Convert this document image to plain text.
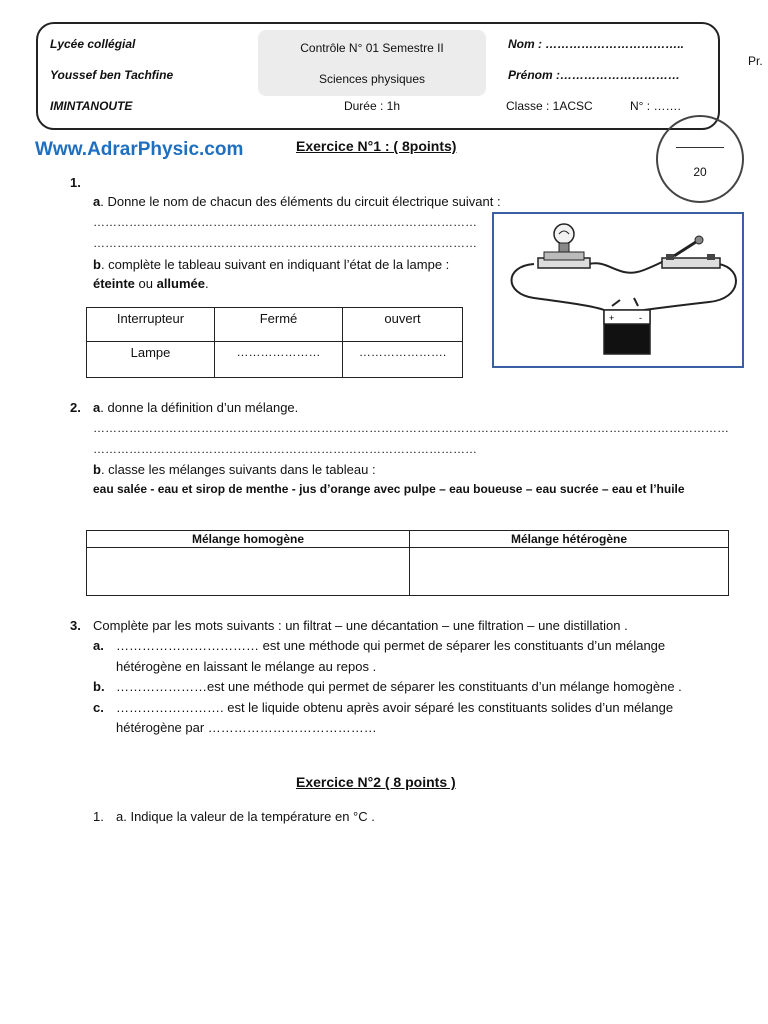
Lycée collégial
Youssef ben Tachfine
IMINTANOUTE
Contrôle N° 01 Semestre II
Sciences physiques
Durée : 1h
Nom : ……………………………..
Prénom :…………………………
Classe : 1ACSC	N° : …….
Pr.
Www.AdrarPhysic.com
20
Exercice N°1 : ( 8points)
1.
a. Donne le nom de chacun des éléments du circuit électrique suivant :
……………………………………………………………………………………
……………………………………………………………………………………
b. complète le tableau suivant en indiquant l’état de la lampe :
éteinte ou allumée.
Interrupteur	Fermé	ouvert
Lampe	…………………	………………….
+	-
2. a. donne la définition d’un mélange.
……………………………………………………………………………………………………………………………………………
……………………………………………………………………………………
b. classe les mélanges suivants dans le tableau :
eau salée - eau et sirop de menthe - jus d’orange avec pulpe – eau boueuse – eau sucrée – eau et l’huile
Mélange homogène	Mélange hétérogène

3. Complète par les mots suivants : un filtrat – une décantation – une filtration – une distillation .
a. …………………………… est une méthode qui permet de séparer les constituants d’un mélange
hétérogène en laissant le mélange au repos .
b. …………………est une méthode qui permet de séparer les constituants d’un mélange homogène .
c. ……………………. est le liquide obtenu après avoir séparé les constituants solides d’un mélange
hétérogène par …………………………………
Exercice N°2 ( 8 points )
1. a. Indique la valeur de la température en °C .
